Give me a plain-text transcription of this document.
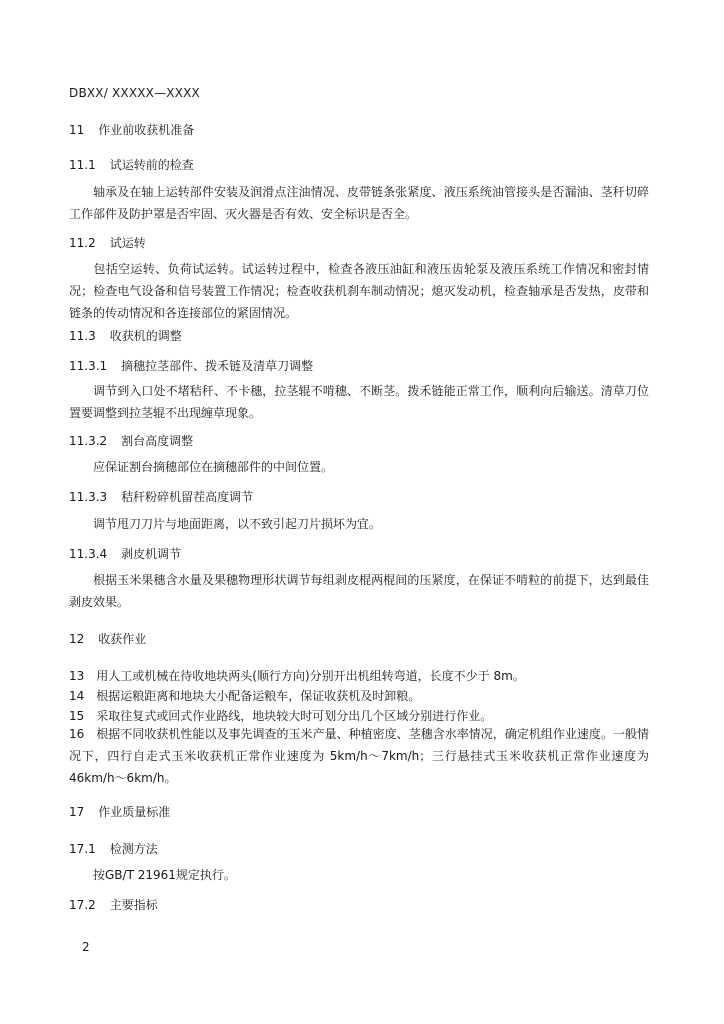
DBXX/ XXXXX—XXXX
11 作业前收获机准备
11.1 试运转前的检查
轴承及在轴上运转部件安装及润滑点注油情况、皮带链条张紧度、液压系统油管接头是否漏油、茎秆切碎工作部件及防护罩是否牢固、灭火器是否有效、安全标识是否全。
11.2 试运转
包括空运转、负荷试运转。试运转过程中，检查各液压油缸和液压齿轮泵及液压系统工作情况和密封情况；检查电气设备和信号装置工作情况；检查收获机刹车制动情况；熄灭发动机，检查轴承是否发热，皮带和链条的传动情况和各连接部位的紧固情况。
11.3 收获机的调整
11.3.1 摘穗拉茎部件、拨禾链及清草刀调整
调节到入口处不堵秸秆、不卡穗，拉茎辊不啃穗、不断茎。拨禾链能正常工作，顺利向后输送。清草刀位置要调整到拉茎辊不出现缠草现象。
11.3.2 割台高度调整
应保证割台摘穗部位在摘穗部件的中间位置。
11.3.3 秸秆粉碎机留茬高度调节
调节甩刀刀片与地面距离，以不致引起刀片损坏为宜。
11.3.4 剥皮机调节
根据玉米果穗含水量及果穗物理形状调节每组剥皮棍两棍间的压紧度，在保证不啃粒的前提下，达到最佳剥皮效果。
12 收获作业
13 用人工或机械在待收地块两头(顺行方向)分别开出机组转弯道，长度不少于 8m。
14 根据运粮距离和地块大小配备运粮车，保证收获机及时卸粮。
15 采取往复式或回式作业路线，地块较大时可划分出几个区域分别进行作业。
16 根据不同收获机性能以及事先调查的玉米产量、种植密度、茎穗含水率情况，确定机组作业速度。一般情况下，四行自走式玉米收获机正常作业速度为 5km/h～7km/h；三行悬挂式玉米收获机正常作业速度为 46km/h～6km/h。
17 作业质量标准
17.1 检测方法
按GB/T 21961规定执行。
17.2 主要指标
2
